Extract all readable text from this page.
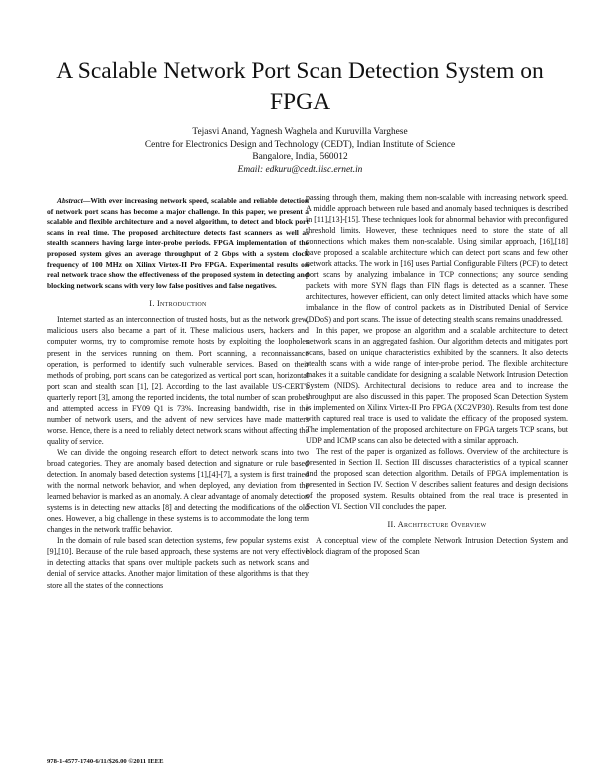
A Scalable Network Port Scan Detection System on
FPGA
Tejasvi Anand, Yagnesh Waghela and Kuruvilla Varghese
Centre for Electronics Design and Technology (CEDT), Indian Institute of Science
Bangalore, India, 560012
Email: edkuru@cedt.iisc.ernet.in

Abstract—With ever increasing network speed, scalable and reliable detection of network port scans has become a major challenge. In this paper, we present a scalable and flexible architecture and a novel algorithm, to detect and block port scans in real time. The proposed architecture detects fast scanners as well as stealth scanners having large inter-probe periods. FPGA implementation of the proposed system gives an average throughput of 2 Gbps with a system clock frequency of 100 MHz on Xilinx Virtex-II Pro FPGA. Experimental results on real network trace show the effectiveness of the proposed system in detecting and blocking network scans with very low false positives and false negatives.

I. Introduction

Internet started as an interconnection of trusted hosts, but as the network grew, malicious users also became a part of it. These malicious users, hackers and computer worms, try to compromise remote hosts by exploiting the loopholes present in the services running on them. Port scanning, a reconnaissance operation, is performed to identify such vulnerable services. Based on their methods of probing, port scans can be categorized as vertical port scan, horizontal port scan and stealth scan [1], [2]. According to the last available US-CERT's quarterly report [3], among the reported incidents, the total number of scan probes and attempted access in FY09 Q1 is 73%. Increasing bandwidth, rise in the number of network users, and the advent of new services have made matters worse. Hence, there is a need to reliably detect network scans without affecting the quality of service.

We can divide the ongoing research effort to detect network scans into two broad categories. They are anomaly based detection and signature or rule based detection. In anomaly based detection systems [1],[4]-[7], a system is first trained with the normal network behavior, and when deployed, any deviation from the learned behavior is marked as an anomaly. A clear advantage of anomaly detection systems is in detecting new attacks [8] and detecting the modifications of the old ones. However, a big challenge in these systems is to accommodate the long term changes in the network traffic behavior.

In the domain of rule based scan detection systems, few popular systems exist [9],[10]. Because of the rule based approach, these systems are not very effective in detecting attacks that spans over multiple packets such as network scans and denial of service attacks. Another major limitation of these algorithms is that they store all the states of the connections

passing through them, making them non-scalable with increasing network speed. A middle approach between rule based and anomaly based techniques is described in [11],[13]-[15]. These techniques look for abnormal behavior with preconfigured threshold limits. However, these techniques need to store the state of all connections which makes them non-scalable. Using similar approach, [16],[18] have proposed a scalable architecture which can detect port scans and few other network attacks. The work in [16] uses Partial Configurable Filters (PCF) to detect port scans by analyzing imbalance in TCP connections; any source sending packets with more SYN flags than FIN flags is detected as a scanner. These architectures, however efficient, can only detect limited attacks which have some imbalance in the flow of control packets as in Distributed Denial of Service (DDoS) and port scans. The issue of detecting stealth scans remains unaddressed.

In this paper, we propose an algorithm and a scalable architecture to detect network scans in an aggregated fashion. Our algorithm detects and mitigates port scans, based on unique characteristics exhibited by the scanners. It also detects stealth scans with a wide range of inter-probe period. The flexible architecture makes it a suitable candidate for designing a scalable Network Intrusion Detection System (NIDS). Architectural decisions to reduce area and to increase the throughput are also discussed in this paper. The proposed Scan Detection System is implemented on Xilinx Virtex-II Pro FPGA (XC2VP30). Results from test done with captured real trace is used to validate the efficacy of the proposed system. The implementation of the proposed architecture on FPGA targets TCP scans, but UDP and ICMP scans can also be detected with a similar approach.

The rest of the paper is organized as follows. Overview of the architecture is presented in Section II. Section III discusses characteristics of a typical scanner and the proposed scan detection algorithm. Details of FPGA implementation is presented in Section IV. Section V describes salient features and design decisions of the proposed system. Results obtained from the real trace is presented in Section VI. Section VII concludes the paper.

II. Architecture Overview

A conceptual view of the complete Network Intrusion Detection System and block diagram of the proposed Scan

978-1-4577-1740-6/11/$26.00 ©2011 IEEE
